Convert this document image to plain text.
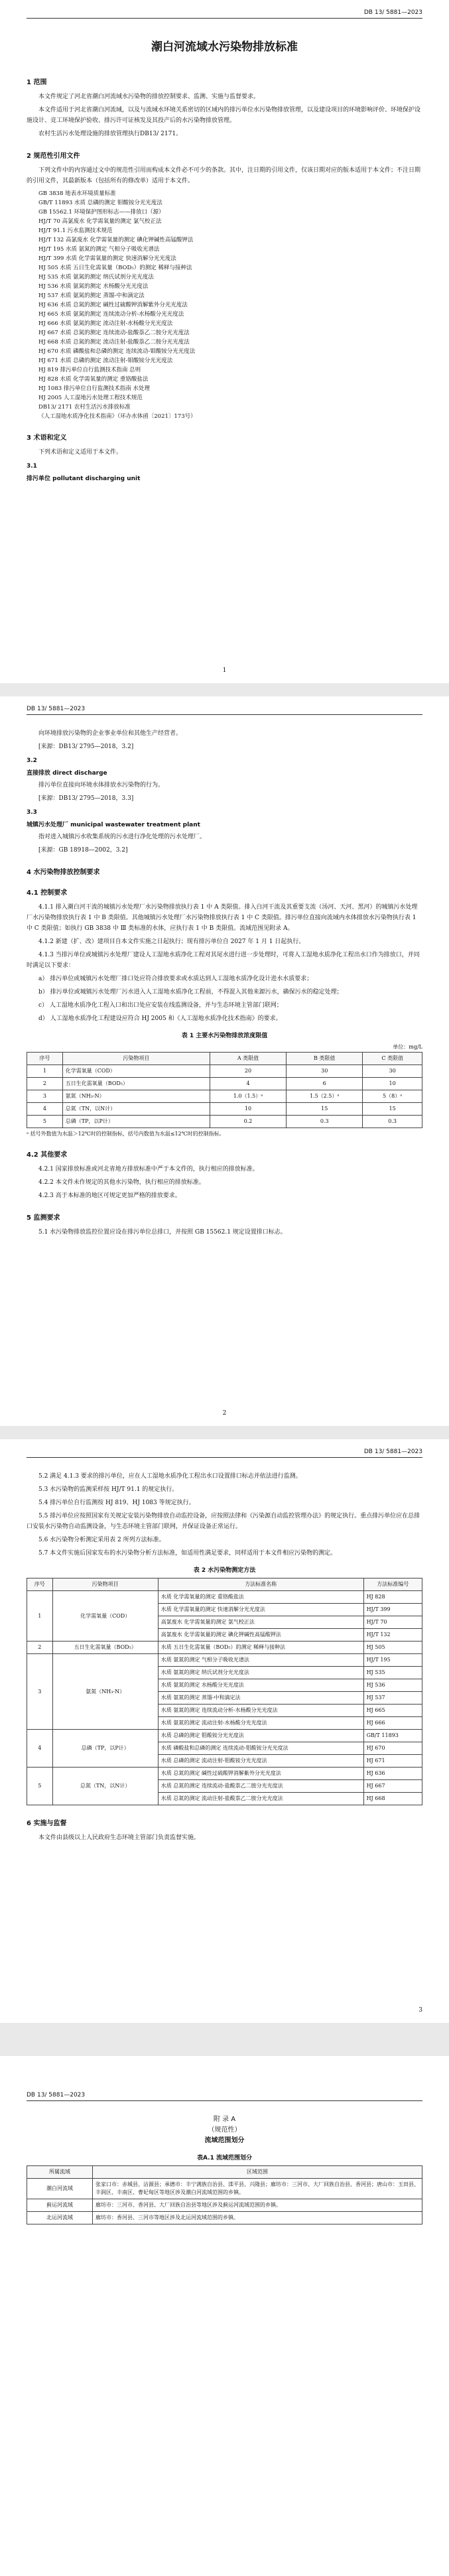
DB 13/ 5881—2023
潮白河流域水污染物排放标准
1 范围

本文件规定了河北省潮白河流域水污染物的排放控制要求、监测、实施与监督要求。

本文件适用于河北省潮白河流域，以及与流域水环境关系密切的区域内的排污单位水污染物排放管理，以及建设项目的环境影响评价、环境保护设施设计、竞工环境保护验收、排污许可证核发及其投产后的水污染物排放管理。

农村生活污水处理设施的排放管理执行DB13/ 2171。

2 规范性引用文件

下列文件中的内容通过文中的规范性引用而构成本文件必不可少的条款。其中，注日期的引用文件，仅该日期对应的版本适用于本文件；不注日期的引用文件，其最新版本（包括所有的修改单）适用于本文件。

GB 3838 地表水环境质量标准
GB/T 11893 水质 总磷的测定 钼酸铵分光光度法
GB 15562.1 环境保护图形标志——排放口（源）
HJ/T 70 高氯废水 化学需氧量的测定 氯气校正法
HJ/T 91.1 污水监测技术规范
HJ/T 132 高氯废水 化学需氧量的测定 碘化钾碱性高锰酸钾法
HJ/T 195 水质 氨氮的测定 气相分子吸收光谱法
HJ/T 399 水质 化学需氧量的测定 快速消解分光光度法
HJ 505 水质 五日生化需氧量（BOD₅）的测定 稀释与接种法
HJ 535 水质 氨氮的测定 纳氏试剂分光光度法
HJ 536 水质 氨氮的测定 水杨酸分光光度法
HJ 537 水质 氨氮的测定 蒸馏-中和滴定法
HJ 636 水质 总氮的测定 碱性过硫酸钾消解紫外分光光度法
HJ 665 水质 氨氮的测定 连续流动分析-水杨酸分光光度法
HJ 666 水质 氨氮的测定 流动注射-水杨酸分光光度法
HJ 667 水质 总氮的测定 连续流动-盐酸萘乙二胺分光光度法
HJ 668 水质 总氮的测定 流动注射-盐酸萘乙二胺分光光度法
HJ 670 水质 磷酸盐和总磷的测定 连续流动-钼酸铵分光光度法
HJ 671 水质 总磷的测定 流动注射-钼酸铵分光光度法
HJ 819 排污单位自行监测技术指南 总则
HJ 828 水质 化学需氧量的测定 重铬酸盐法
HJ 1083 排污单位自行监测技术指南 水处理
HJ 2005 人工湿地污水处理工程技术规范
DB13/ 2171 农村生活污水排放标准
《人工湿地水质净化技术指南》（环办水体函〔2021〕173号）
3 术语和定义

下列术语和定义适用于本文件。

3.1
排污单位 pollutant discharging unit
1
DB 13/ 5881—2023

向环境排放污染物的企业事业单位和其他生产经营者。

[来源：DB13/ 2795—2018，3.2]
3.2
直接排放 direct discharge

排污单位直接向环境水体排放水污染物的行为。

[来源：DB13/ 2795—2018，3.3]
3.3
城镇污水处理厂 municipal wastewater treatment plant

指对进入城镇污水收集系统的污水进行净化处理的污水处理厂。

[来源：GB 18918—2002，3.2]
4 水污染物排放控制要求
4.1 控制要求

4.1.1 排入潮白河干流的城镇污水处理厂水污染物排放执行表 1 中 A 类限值。排入白河干流及其重要支流（汤河、天河、黑河）的城镇污水处理厂水污染物排放执行表 1 中 B 类限值。其他城镇污水处理厂水污染物排放执行表 1 中 C 类限值。排污单位直接向流域内水体排放水污染物执行表 1 中 C 类限值；如执行 GB 3838 中 Ⅲ 类标准的水体，应执行表 1 中 B 类限值。流域范围见附录 A。

4.1.2 新建（扩、改）建项目自本文件实施之日起执行；现有排污单位自 2027 年 1 月 1 日起执行。

4.1.3 当排污单位或城镇污水处理厂建设人工湿地水质净化工程对其尾水进行进一步处理时，可将人工湿地水质净化工程出水口作为排放口，并同时满足以下要求：

a） 排污单位或城镇污水处理厂排口处应符合排放要求或水质达到人工湿地水质净化设计进水水质要求；

b） 排污单位或城镇污水处理厂污水进入人工湿地水质净化工程前，不得混入其他来源污水，确保污水的稳定处理；

c） 人工湿地水质净化工程入口和出口处应安装在线监测设备，并与生态环境主管部门联网；

d） 人工湿地水质净化工程建设应符合 HJ 2005 和《人工湿地水质净化技术指南》的要求。

表 1 主要水污染物排放浓度限值
单位：mg/L
序号	污染物项目	A 类限值	B 类限值	C 类限值
1	化学需氧量（COD）	20	30	30
2	五日生化需氧量（BOD₅）	4	6	10
3	氨氮（NH₃-N）	1.0（1.5）ᵃ	1.5（2.5）ᵃ	5（8）ᵃ
4	总氮（TN，以N计）	10	15	15
5	总磷（TP，以P计）	0.2	0.3	0.3
ᵃ 括号外数值为水温＞12℃时的控制指标，括号内数值为水温≤12℃时的控制指标。
4.2 其他要求

4.2.1 国家排放标准或河北省地方排放标准中严于本文件的，执行相应的排放标准。

4.2.2 本文件未作规定的其他水污染物，执行相应的排放标准。

4.2.3 高于本标准的地区可规定更加严格的排放要求。

5 监测要求

5.1 水污染物排放监控位置应设在排污单位总排口，并按照 GB 15562.1 规定设置排口标志。

2
DB 13/ 5881—2023

5.2 满足 4.1.3 要求的排污单位，应在人工湿地水质净化工程出水口设置排口标志并依法进行监测。

5.3 水污染物的监测采样按 HJ/T 91.1 的规定执行。

5.4 排污单位自行监测按 HJ 819、HJ 1083 等规定执行。

5.5 排污单位应按照国家有关规定安装污染物排放自动监控设备，应按照法律和《污染源自动监控管理办法》的规定执行。重点排污单位应在总排口安装水污染物自动监测设备，与生态环境主管部门联网，并保证设备正常运行。

5.6 水污染物分析测定采用表 2 所列方法标准。

5.7 本文件实施后国家发布的水污染物分析方法标准，如适用性满足要求，同样适用于本文件相应污染物的测定。

表 2 水污染物测定方法
序号	污染物项目	方法标准名称	方法标准编号
1	化学需氧量（COD）	水质 化学需氧量的测定 重铬酸盐法	HJ 828
		水质 化学需氧量的测定 快速消解分光光度法	HJ/T 399
		高氯废水 化学需氧量的测定 氯气校正法	HJ/T 70
		高氯废水 化学需氧量的测定 碘化钾碱性高锰酸钾法	HJ/T 132
2	五日生化需氧量（BOD₅）	水质 五日生化需氧量（BOD₅）的测定 稀释与接种法	HJ 505
3	氨氮（NH₃-N）	水质 氨氮的测定 气相分子吸收光谱法	HJ/T 195
		水质 氨氮的测定 纳氏试剂分光光度法	HJ 535
		水质 氨氮的测定 水杨酸分光光度法	HJ 536
		水质 氨氮的测定 蒸馏-中和滴定法	HJ 537
		水质 氨氮的测定 连续流动分析-水杨酸分光光度法	HJ 665
		水质 氨氮的测定 流动注射-水杨酸分光光度法	HJ 666
4	总磷（TP，以P计）	水质 总磷的测定 钼酸铵分光光度法	GB/T 11893
		水质 磷酸盐和总磷的测定 连续流动-钼酸铵分光光度法	HJ 670
		水质 总磷的测定 流动注射-钼酸铵分光光度法	HJ 671
5	总氮（TN，以N计）	水质 总氮的测定 碱性过硫酸钾消解紫外分光光度法	HJ 636
		水质 总氮的测定 连续流动-盐酸萘乙二胺分光光度法	HJ 667
		水质 总氮的测定 流动注射-盐酸萘乙二胺分光光度法	HJ 668
6 实施与监督

本文件由县级以上人民政府生态环境主管部门负责监督实施。

3
DB 13/ 5881—2023
附 录 A
（规范性）
流域范围划分
表A.1 流域范围划分
所属流域	区域范围
潮白河流域	张家口市：赤城县、沽源县；承德市：丰宁满族自治县、滦平县、兴隆县；廊坊市：三河市、大厂回族自治县、香河县；唐山市：玉田县、丰润区、丰南区、曹妃甸区等地区涉及潮白河流域范围的乡镇。
蓟运河流域	廊坊市：三河市、香河县、大厂回族自治县等地区涉及蓟运河流域范围的乡镇。
北运河流域	廊坊市：香河县、三河市等地区涉及北运河流域范围的乡镇。
